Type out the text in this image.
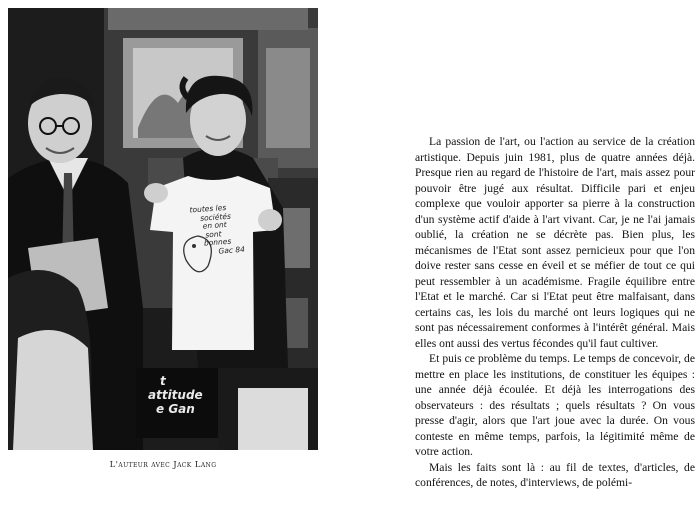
toutes les
sociétés
en ont
sont
bonnes
Gac 84
t
attitude
e Gan
L'auteur avec Jack Lang

La passion de l'art, ou l'action au service de la création artistique. Depuis juin 1981, plus de quatre années déjà. Presque rien au regard de l'histoire de l'art, mais assez pour pouvoir être jugé aux résultat. Difficile pari et enjeu complexe que vouloir apporter sa pierre à la construction d'un système actif d'aide à l'art vivant. Car, je ne l'ai jamais oublié, la création ne se décrète pas. Bien plus, les mécanismes de l'Etat sont assez pernicieux pour que l'on doive rester sans cesse en éveil et se méfier de tout ce qui peut ressembler à un académisme. Fragile équilibre entre l'Etat et le marché. Car si l'Etat peut être malfaisant, dans certains cas, les lois du marché ont leurs logiques qui ne sont pas nécessairement conformes à l'intérêt général. Mais elles ont aussi des vertus fécondes qu'il faut cultiver.

Et puis ce problème du temps. Le temps de concevoir, de mettre en place les institutions, de constituer les équipes : une année déjà écoulée. Et déjà les interrogations des observateurs : des résultats ; quels résultats ? On vous presse d'agir, alors que l'art joue avec la durée. On vous conteste en même temps, parfois, la légitimité même de votre action.

Mais les faits sont là : au fil de textes, d'articles, de conférences, de notes, d'interviews, de polémi-
